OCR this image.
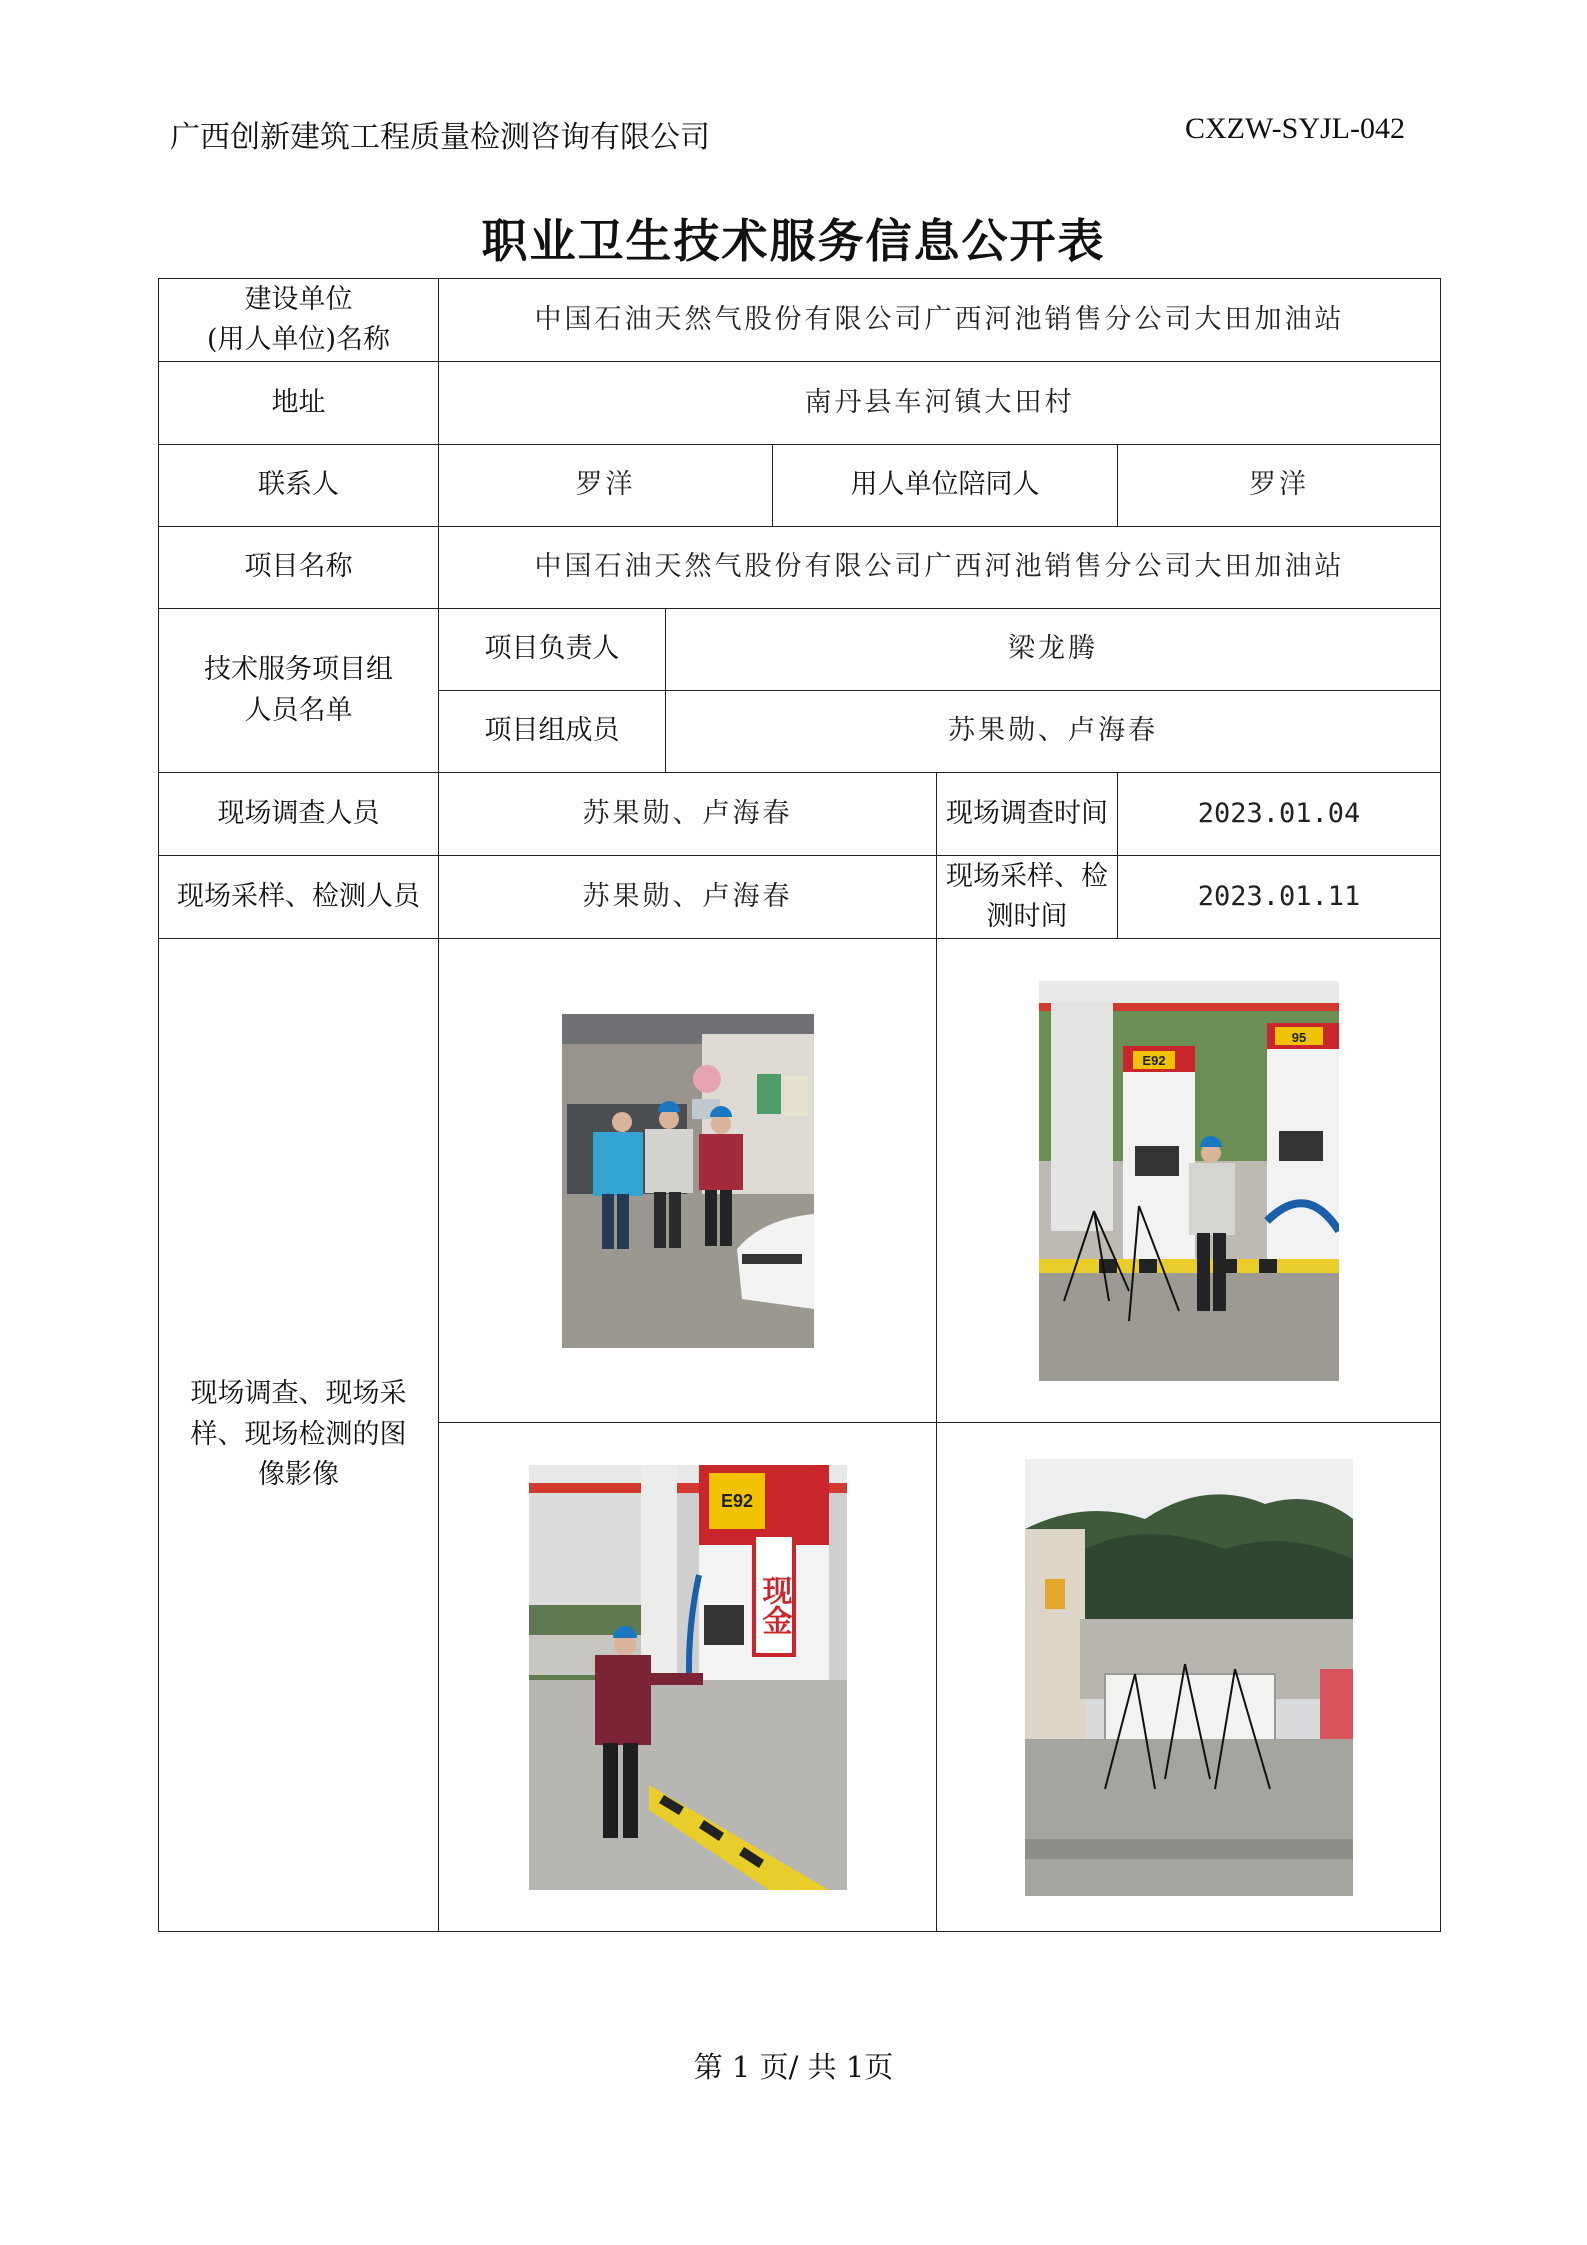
广西创新建筑工程质量检测咨询有限公司	CXZW-SYJL-042
职业卫生技术服务信息公开表
建设单位
(用人单位)名称	中国石油天然气股份有限公司广西河池销售分公司大田加油站				
地址	南丹县车河镇大田村				
联系人	罗洋		用人单位陪同人		罗洋
项目名称	中国石油天然气股份有限公司广西河池销售分公司大田加油站				
技术服务项目组人员名单	项目负责人	梁龙腾			
	项目组成员	苏果勋、卢海春			
现场调查人员	苏果勋、卢海春			现场调查时间	2023.01.04
现场采样、检测人员	苏果勋、卢海春			现场采样、检测时间	2023.01.11
现场调查、现场采样、现场检测的图像影像				E92
95	

E92
现金

第 1 页/ 共 1页
